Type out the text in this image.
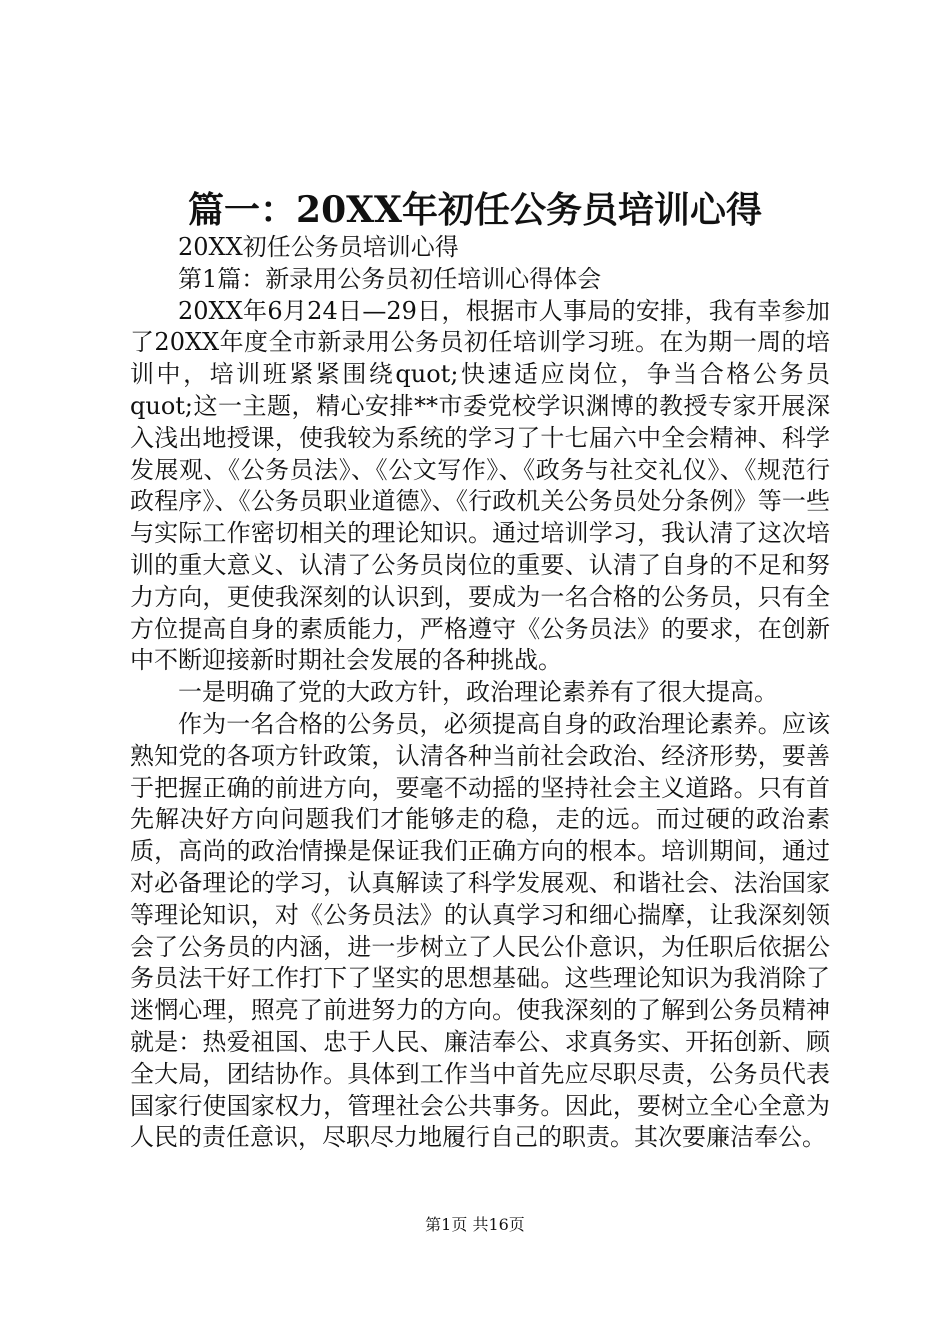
篇一：20XX年初任公务员培训心得

20XX初任公务员培训心得

第1篇：新录用公务员初任培训心得体会

20XX年6月24日—29日，根据市人事局的安排，我有幸参加了20XX年度全市新录用公务员初任培训学习班。在为期一周的培训中，培训班紧紧围绕quot;快速适应岗位，争当合格公务员quot;这一主题，精心安排**市委党校学识渊博的教授专家开展深入浅出地授课，使我较为系统的学习了十七届六中全会精神、科学发展观、《公务员法》、《公文写作》、《政务与社交礼仪》、《规范行政程序》、《公务员职业道德》、《行政机关公务员处分条例》等一些与实际工作密切相关的理论知识。通过培训学习，我认清了这次培训的重大意义、认清了公务员岗位的重要、认清了自身的不足和努力方向，更使我深刻的认识到，要成为一名合格的公务员，只有全方位提高自身的素质能力，严格遵守《公务员法》的要求，在创新中不断迎接新时期社会发展的各种挑战。

一是明确了党的大政方针，政治理论素养有了很大提高。

作为一名合格的公务员，必须提高自身的政治理论素养。应该熟知党的各项方针政策，认清各种当前社会政治、经济形势，要善于把握正确的前进方向，要毫不动摇的坚持社会主义道路。只有首先解决好方向问题我们才能够走的稳，走的远。而过硬的政治素质，高尚的政治情操是保证我们正确方向的根本。培训期间，通过对必备理论的学习，认真解读了科学发展观、和谐社会、法治国家等理论知识，对《公务员法》的认真学习和细心揣摩，让我深刻领会了公务员的内涵，进一步树立了人民公仆意识，为任职后依据公务员法干好工作打下了坚实的思想基础。这些理论知识为我消除了迷惘心理，照亮了前进努力的方向。使我深刻的了解到公务员精神就是：热爱祖国、忠于人民、廉洁奉公、求真务实、开拓创新、顾全大局，团结协作。具体到工作当中首先应尽职尽责，公务员代表国家行使国家权力，管理社会公共事务。因此，要树立全心全意为人民的责任意识，尽职尽力地履行自己的职责。其次要廉洁奉公。

第1页 共16页
